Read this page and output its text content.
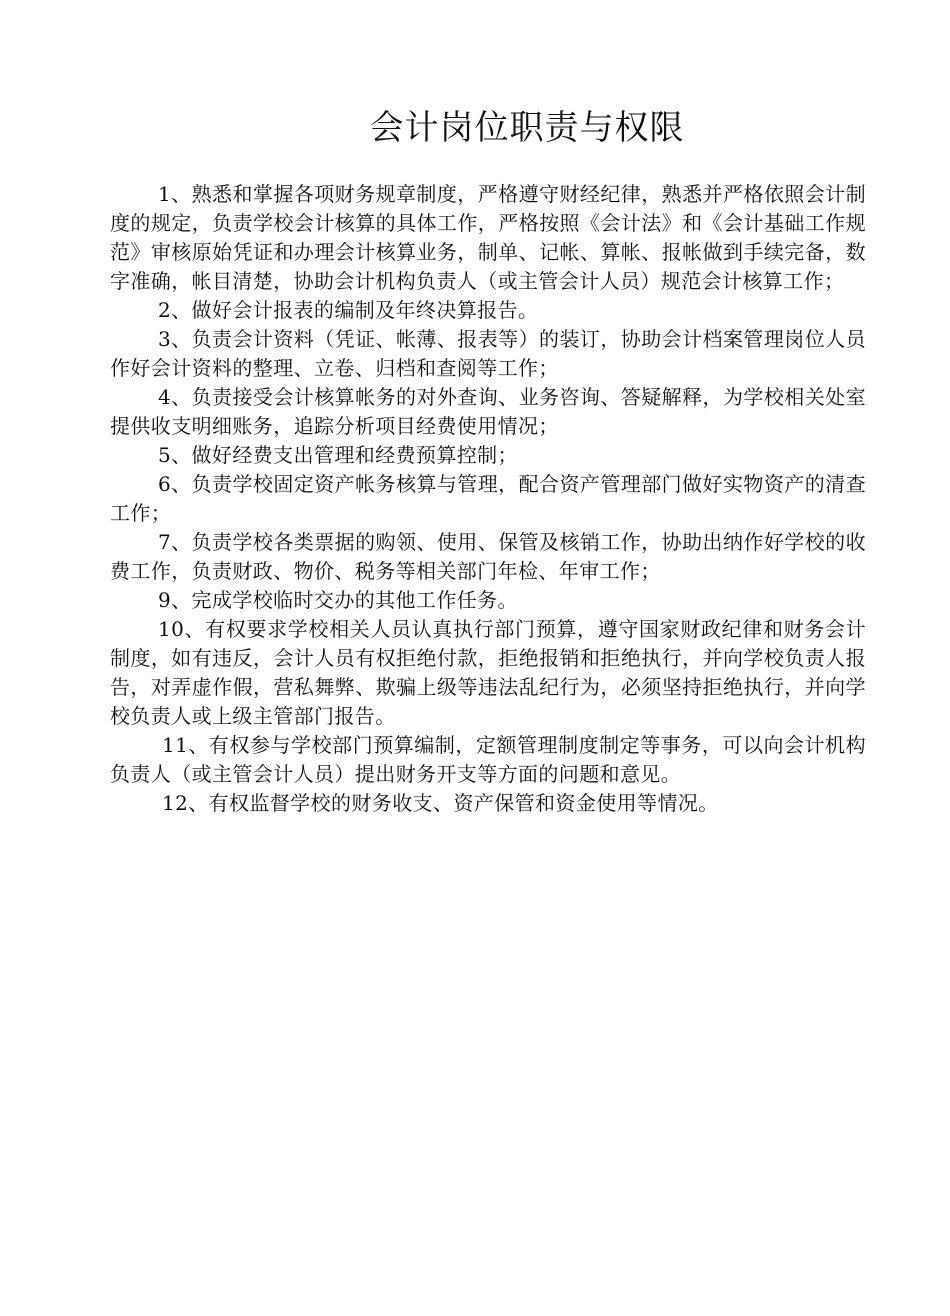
会计岗位职责与权限

1、熟悉和掌握各项财务规章制度，严格遵守财经纪律，熟悉并严格依照会计制度的规定，负责学校会计核算的具体工作，严格按照《会计法》和《会计基础工作规范》审核原始凭证和办理会计核算业务，制单、记帐、算帐、报帐做到手续完备，数字准确，帐目清楚，协助会计机构负责人（或主管会计人员）规范会计核算工作；

2、做好会计报表的编制及年终决算报告。

3、负责会计资料（凭证、帐薄、报表等）的装订，协助会计档案管理岗位人员作好会计资料的整理、立卷、归档和查阅等工作；

4、负责接受会计核算帐务的对外查询、业务咨询、答疑解释，为学校相关处室提供收支明细账务，追踪分析项目经费使用情况；

5、做好经费支出管理和经费预算控制；

6、负责学校固定资产帐务核算与管理，配合资产管理部门做好实物资产的清查工作；

7、负责学校各类票据的购领、使用、保管及核销工作，协助出纳作好学校的收费工作，负责财政、物价、税务等相关部门年检、年审工作；

9、完成学校临时交办的其他工作任务。

10、有权要求学校相关人员认真执行部门预算，遵守国家财政纪律和财务会计制度，如有违反，会计人员有权拒绝付款，拒绝报销和拒绝执行，并向学校负责人报告，对弄虚作假，营私舞弊、欺骗上级等违法乱纪行为，必须坚持拒绝执行，并向学校负责人或上级主管部门报告。

11、有权参与学校部门预算编制，定额管理制度制定等事务，可以向会计机构负责人（或主管会计人员）提出财务开支等方面的问题和意见。

12、有权监督学校的财务收支、资产保管和资金使用等情况。
